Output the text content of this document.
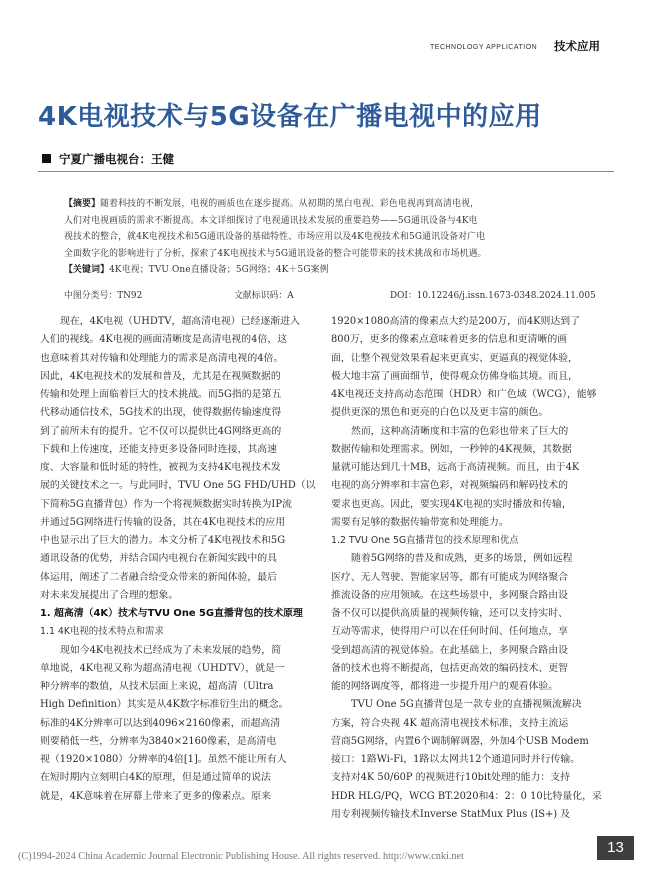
TECHNOLOGY APPLICATION 技术应用
4K电视技术与5G设备在广播电视中的应用
宁夏广播电视台：王健
【摘要】随着科技的不断发展，电视的画质也在逐步提高。从初期的黑白电视、彩色电视再到高清电视，
人们对电视画质的需求不断提高。本文详细探讨了电视通讯技术发展的重要趋势——5G通讯设备与4K电
视技术的整合，就4K电视技术和5G通讯设备的基础特性、市场应用以及4K电视技术和5G通讯设备对广电
全面数字化的影响进行了分析，探索了4K电视技术与5G通讯设备的整合可能带来的技术挑战和市场机遇。
【关键词】4K电视；TVU One直播设备；5G网络；4K＋5G案例
中图分类号：TN92	文献标识码：A	DOI：10.12246/j.issn.1673-0348.2024.11.005
现在，4K电视（UHDTV，超高清电视）已经逐渐进入
人们的视线。4K电视的画面清晰度是高清电视的4倍，这
也意味着其对传输和处理能力的需求是高清电视的4倍。
因此，4K电视技术的发展和普及，尤其是在视频数据的
传输和处理上面临着巨大的技术挑战。而5G指的是第五
代移动通信技术，5G技术的出现，使得数据传输速度得
到了前所未有的提升。它不仅可以提供比4G网络更高的
下载和上传速度，还能支持更多设备同时连接，其高速
度、大容量和低时延的特性，被视为支持4K电视技术发
展的关键技术之一。与此同时，TVU One 5G FHD/UHD（以
下简称5G直播背包）作为一个将视频数据实时转换为IP流
并通过5G网络进行传输的设备，其在4K电视技术的应用
中也显示出了巨大的潜力。本文分析了4K电视技术和5G
通讯设备的优势，并结合国内电视台在新闻实践中的具
体运用，阐述了二者融合给受众带来的新闻体验，最后
对未来发展提出了合理的想象。
1. 超高清（4K）技术与TVU One 5G直播背包的技术原理
1.1 4K电视的技术特点和需求
现如今4K电视技术已经成为了未来发展的趋势，简
单地说，4K电视又称为超高清电视（UHDTV），就是一
种分辨率的数值，从技术层面上来说，超高清（Ultra
High Definition）其实是从4K数字标准衍生出的概念。
标准的4K分辨率可以达到4096×2160像素，而超高清
则要稍低一些，分辨率为3840×2160像素，是高清电
视（1920×1080）分辨率的4倍[1]。虽然不能让所有人
在短时期内立刻明白4K的原理，但是通过简单的说法
就是，4K意味着在屏幕上带来了更多的像素点。原来
1920×1080高清的像素点大约是200万，而4K则达到了
800万，更多的像素点意味着更多的信息和更清晰的画
面，让整个视觉效果看起来更真实、更逼真的视觉体验，
极大地丰富了画面细节，使得观众仿佛身临其境。而且，
4K电视还支持高动态范围（HDR）和广色域（WCG），能够
提供更深的黑色和更亮的白色以及更丰富的颜色。
然而，这种高清晰度和丰富的色彩也带来了巨大的
数据传输和处理需求。例如，一秒钟的4K视频，其数据
量就可能达到几十MB，远高于高清视频。而且，由于4K
电视的高分辨率和丰富色彩，对视频编码和解码技术的
要求也更高。因此，要实现4K电视的实时播放和传输，
需要有足够的数据传输带宽和处理能力。
1.2 TVU One 5G直播背包的技术原理和优点
随着5G网络的普及和成熟，更多的场景，例如远程
医疗、无人驾驶、智能家居等，都有可能成为网络聚合
推流设备的应用领域。在这些场景中，多网聚合路由设
备不仅可以提供高质量的视频传输，还可以支持实时、
互动等需求，使得用户可以在任何时间、任何地点，享
受到超高清的视觉体验。在此基础上，多网聚合路由设
备的技术也将不断提高，包括更高效的编码技术、更智
能的网络调度等，都将进一步提升用户的观看体验。
TVU One 5G直播背包是一款专业的直播视频流解决
方案，符合央视 4K 超高清电视技术标准，支持主流运
营商5G网络，内置6个调制解调器，外加4个USB Modem
接口：1路Wi-Fi，1路以太网共12个通道同时并行传输。
支持对4K 50/60P 的视频进行10bit处理的能力：支持
HDR HLG/PQ，WCG BT.2020和4：2：0 10比特量化，采
用专利视频传输技术Inverse StatMux Plus (IS+) 及
(C)1994-2024 China Academic Journal Electronic Publishing House. All rights reserved. http://www.cnki.net
13
